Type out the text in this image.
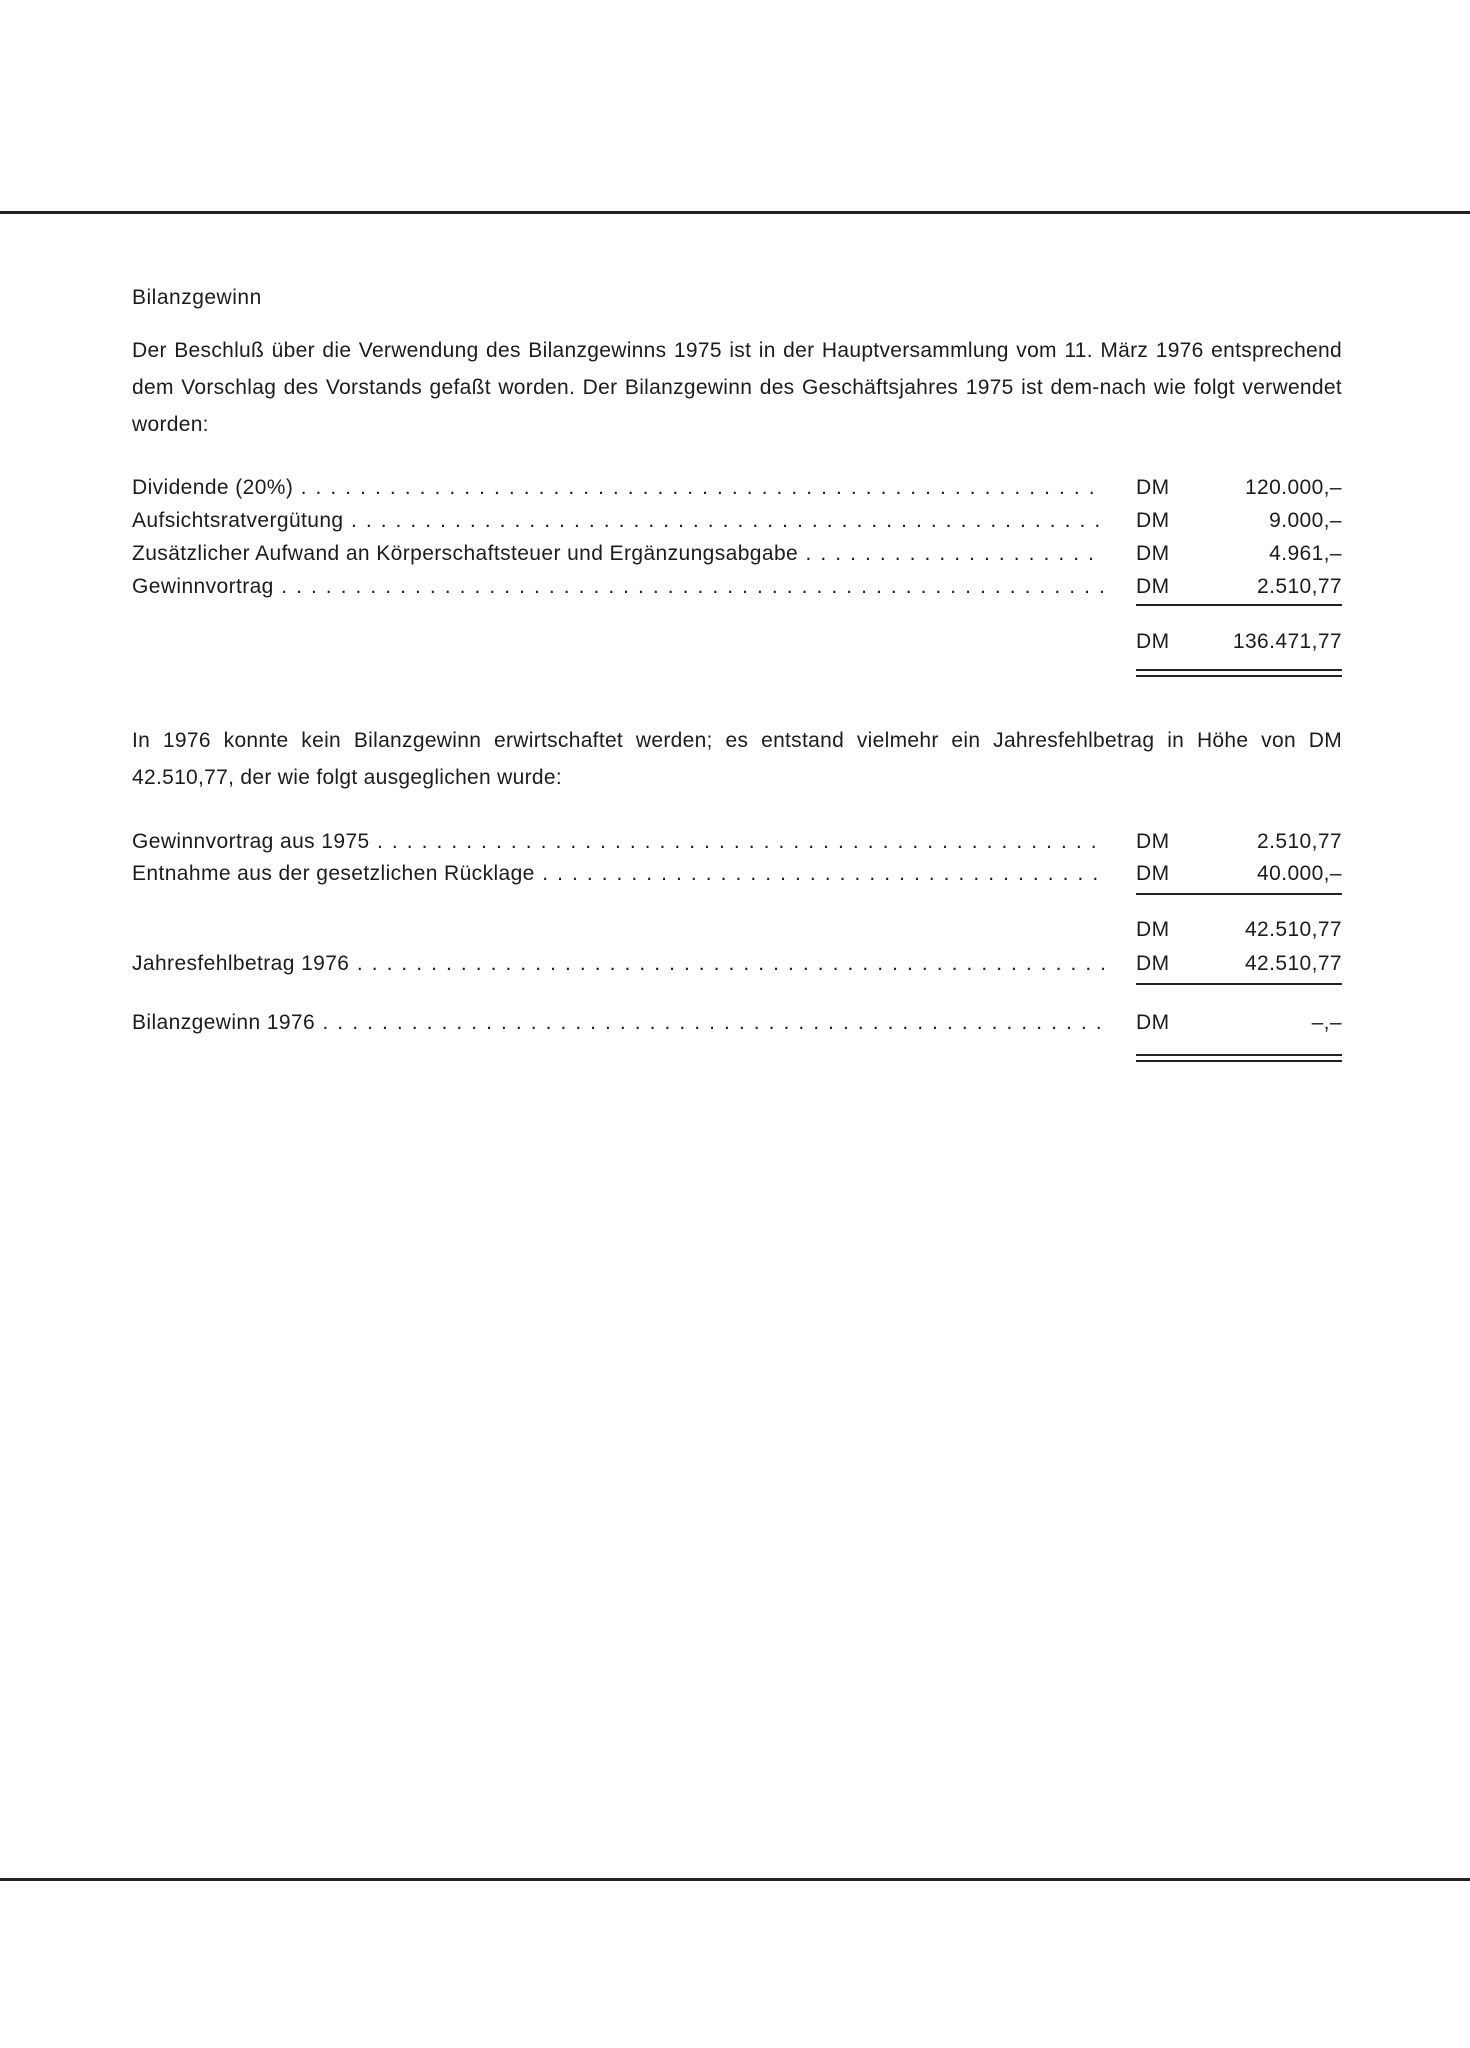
Bilanzgewinn
Der Beschluß über die Verwendung des Bilanzgewinns 1975 ist in der Hauptversammlung vom 11. März 1976 entsprechend dem Vorschlag des Vorstands gefaßt worden. Der Bilanzgewinn des Geschäftsjahres 1975 ist dem-nach wie folgt verwendet worden:
Dividende (20%) . . .	DM	120.000,–
Aufsichtsratvergütung . . .	DM	9.000,–
Zusätzlicher Aufwand an Körperschaftsteuer und Ergänzungsabgabe . . .	DM	4.961,–
Gewinnvortrag . . .	DM	2.510,77
DM	136.471,77
In 1976 konnte kein Bilanzgewinn erwirtschaftet werden; es entstand vielmehr ein Jahresfehlbetrag in Höhe von DM 42.510,77, der wie folgt ausgeglichen wurde:
Gewinnvortrag aus 1975 . . .	DM	2.510,77
Entnahme aus der gesetzlichen Rücklage . . .	DM	40.000,–
DM	42.510,77
Jahresfehlbetrag 1976 . . .	DM	42.510,77
Bilanzgewinn 1976 . . .	DM	–,–
